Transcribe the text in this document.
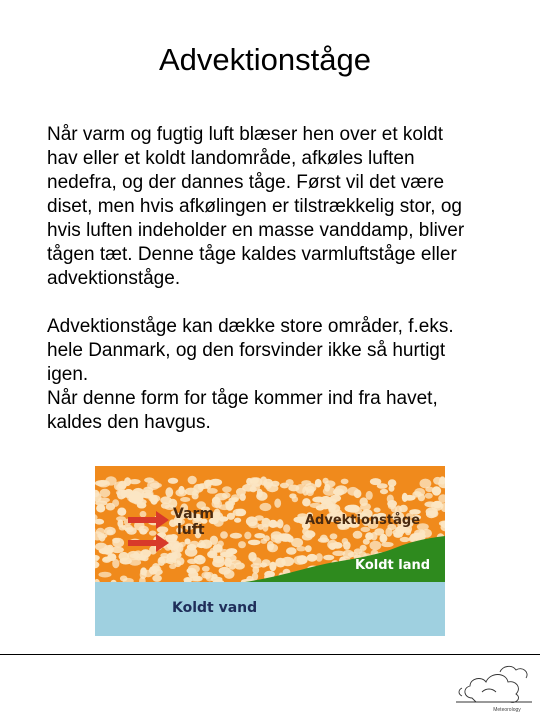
Advektionståge

Når varm og fugtig luft blæser hen over et koldt
hav eller et koldt landområde, afkøles luften
nedefra, og der dannes tåge. Først vil det være
diset, men hvis afkølingen er tilstrækkelig stor, og
hvis luften indeholder en masse vanddamp, bliver
tågen tæt. Denne tåge kaldes varmluftståge eller
advektionståge.

Advektionståge kan dække store områder, f.eks.
hele Danmark, og den forsvinder ikke så hurtigt
igen.
Når denne form for tåge kommer ind fra havet,
kaldes den havgus.

Varm
luft
Advektionståge
Koldt land
Koldt vand
Meteorology
